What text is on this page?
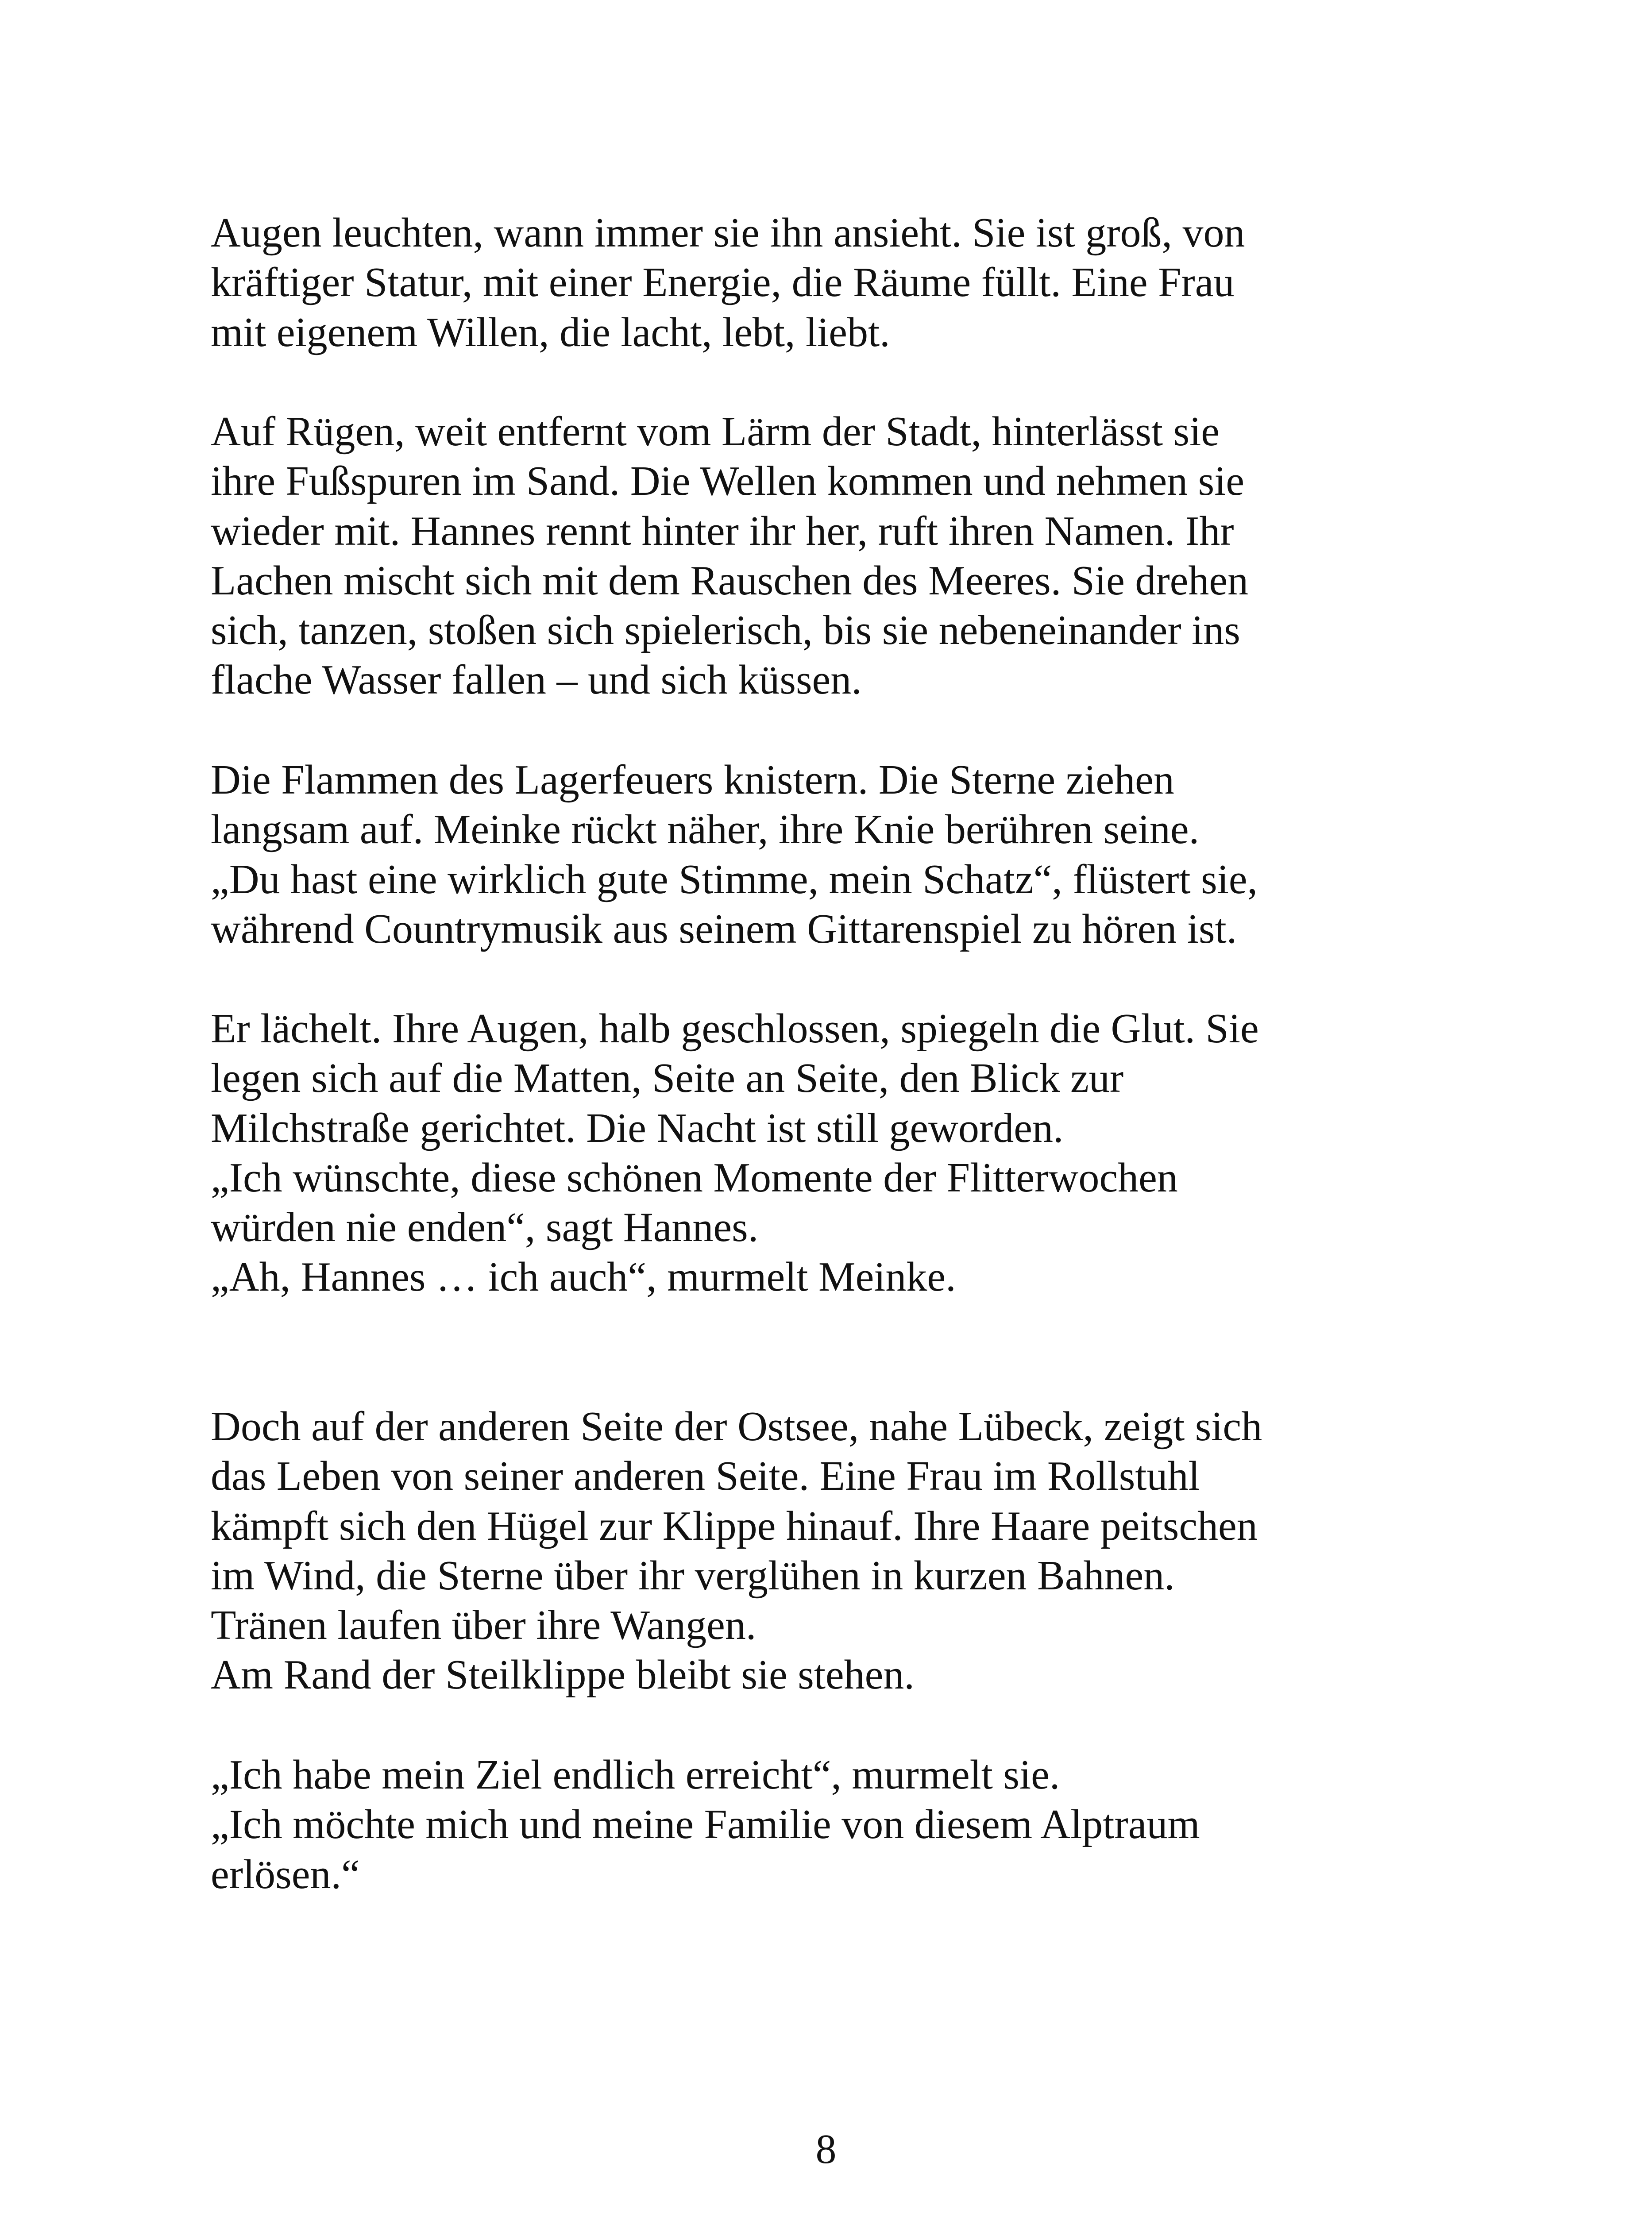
Augen leuchten, wann immer sie ihn ansieht. Sie ist groß, von
kräftiger Statur, mit einer Energie, die Räume füllt. Eine Frau
mit eigenem Willen, die lacht, lebt, liebt.
Auf Rügen, weit entfernt vom Lärm der Stadt, hinterlässt sie
ihre Fußspuren im Sand. Die Wellen kommen und nehmen sie
wieder mit. Hannes rennt hinter ihr her, ruft ihren Namen. Ihr
Lachen mischt sich mit dem Rauschen des Meeres. Sie drehen
sich, tanzen, stoßen sich spielerisch, bis sie nebeneinander ins
flache Wasser fallen – und sich küssen.
Die Flammen des Lagerfeuers knistern. Die Sterne ziehen
langsam auf. Meinke rückt näher, ihre Knie berühren seine.
„Du hast eine wirklich gute Stimme, mein Schatz“, flüstert sie,
während Countrymusik aus seinem Gittarenspiel zu hören ist.
Er lächelt. Ihre Augen, halb geschlossen, spiegeln die Glut. Sie
legen sich auf die Matten, Seite an Seite, den Blick zur
Milchstraße gerichtet. Die Nacht ist still geworden.
„Ich wünschte, diese schönen Momente der Flitterwochen
würden nie enden“, sagt Hannes.
„Ah, Hannes … ich auch“, murmelt Meinke.
Doch auf der anderen Seite der Ostsee, nahe Lübeck, zeigt sich
das Leben von seiner anderen Seite. Eine Frau im Rollstuhl
kämpft sich den Hügel zur Klippe hinauf. Ihre Haare peitschen
im Wind, die Sterne über ihr verglühen in kurzen Bahnen.
Tränen laufen über ihre Wangen.
Am Rand der Steilklippe bleibt sie stehen.
„Ich habe mein Ziel endlich erreicht“, murmelt sie.
„Ich möchte mich und meine Familie von diesem Alptraum
erlösen.“
8
